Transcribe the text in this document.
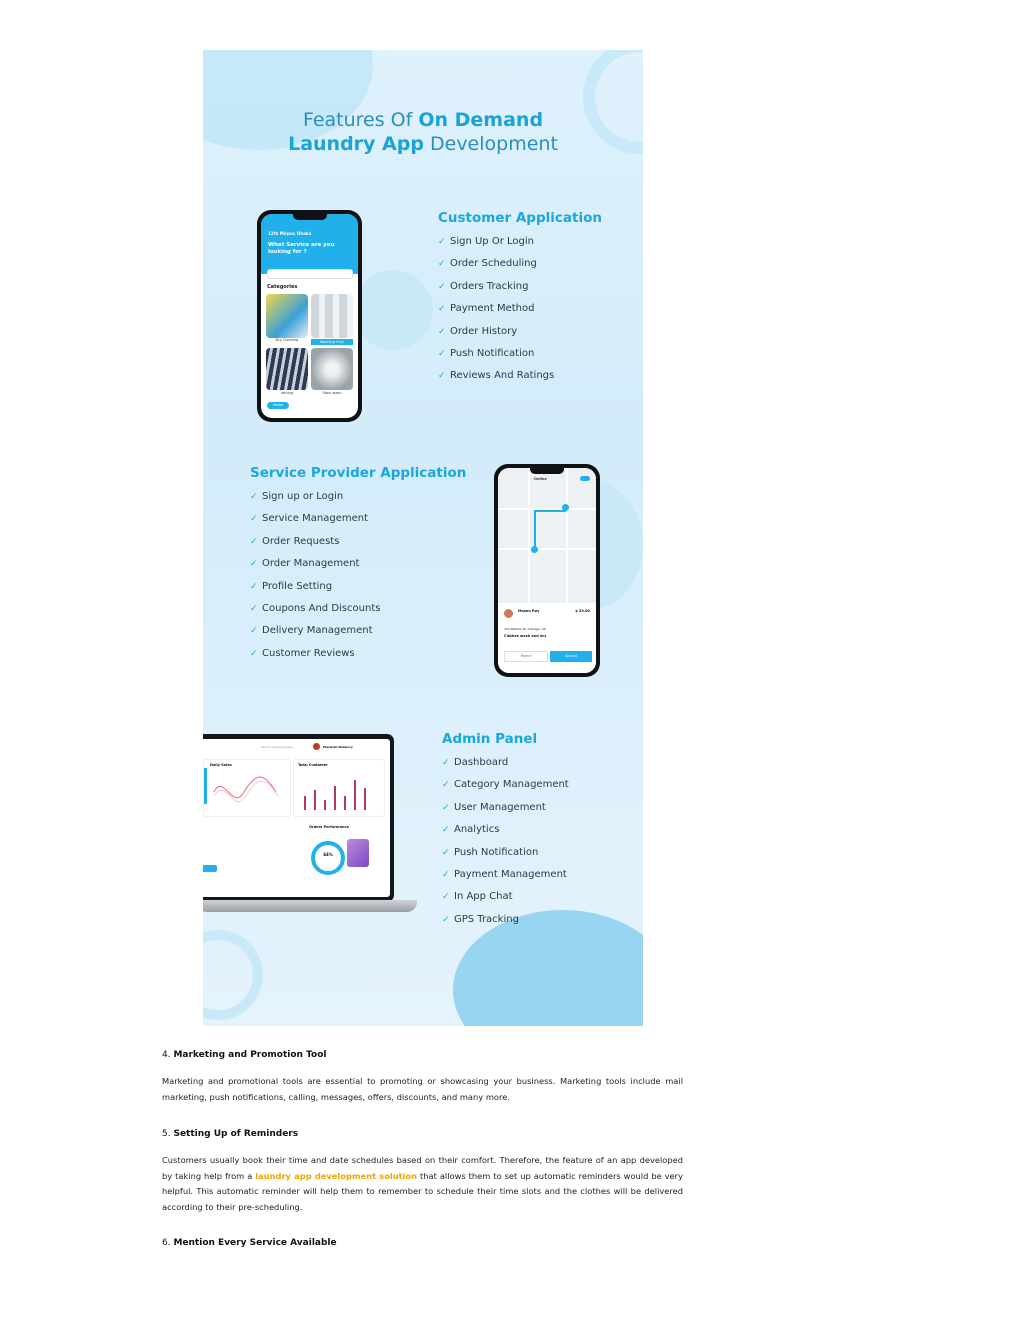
Features Of On Demand
Laundry App Development
12th Mirpur, Dhaka
What Service are you looking for ?
Categories
Dry Cleaning	Washing Only
Ironing	Stain wash
Home
Customer Application
✓ Sign Up Or Login
✓ Order Scheduling
✓ Orders Tracking
✓ Payment Method
✓ Order History
✓ Push Notification
✓ Reviews And Ratings
Service Provider Application
✓ Sign up or Login
✓ Service Management
✓ Order Requests
✓ Order Management
✓ Profile Setting
✓ Coupons And Discounts
✓ Delivery Management
✓ Customer Reviews
Online
Mason Roy	$ 29.00
155 William St, Chicago, US
Clothes wash and dry
Reject	Accept
Search anything here	Marshall Nobbery
Daily Sales	Total Customer
Orders Performance
64%
Admin Panel
✓ Dashboard
✓ Category Management
✓ User Management
✓ Analytics
✓ Push Notification
✓ Payment Management
✓ In App Chat
✓ GPS Tracking
4. Marketing and Promotion Tool
Marketing and promotional tools are essential to promoting or showcasing your business. Marketing tools include mail marketing, push notifications, calling, messages, offers, discounts, and many more.
5. Setting Up of Reminders
Customers usually book their time and date schedules based on their comfort. Therefore, the feature of an app developed by taking help from a laundry app development solution that allows them to set up automatic reminders would be very helpful. This automatic reminder will help them to remember to schedule their time slots and the clothes will be delivered according to their pre-scheduling.
6. Mention Every Service Available
